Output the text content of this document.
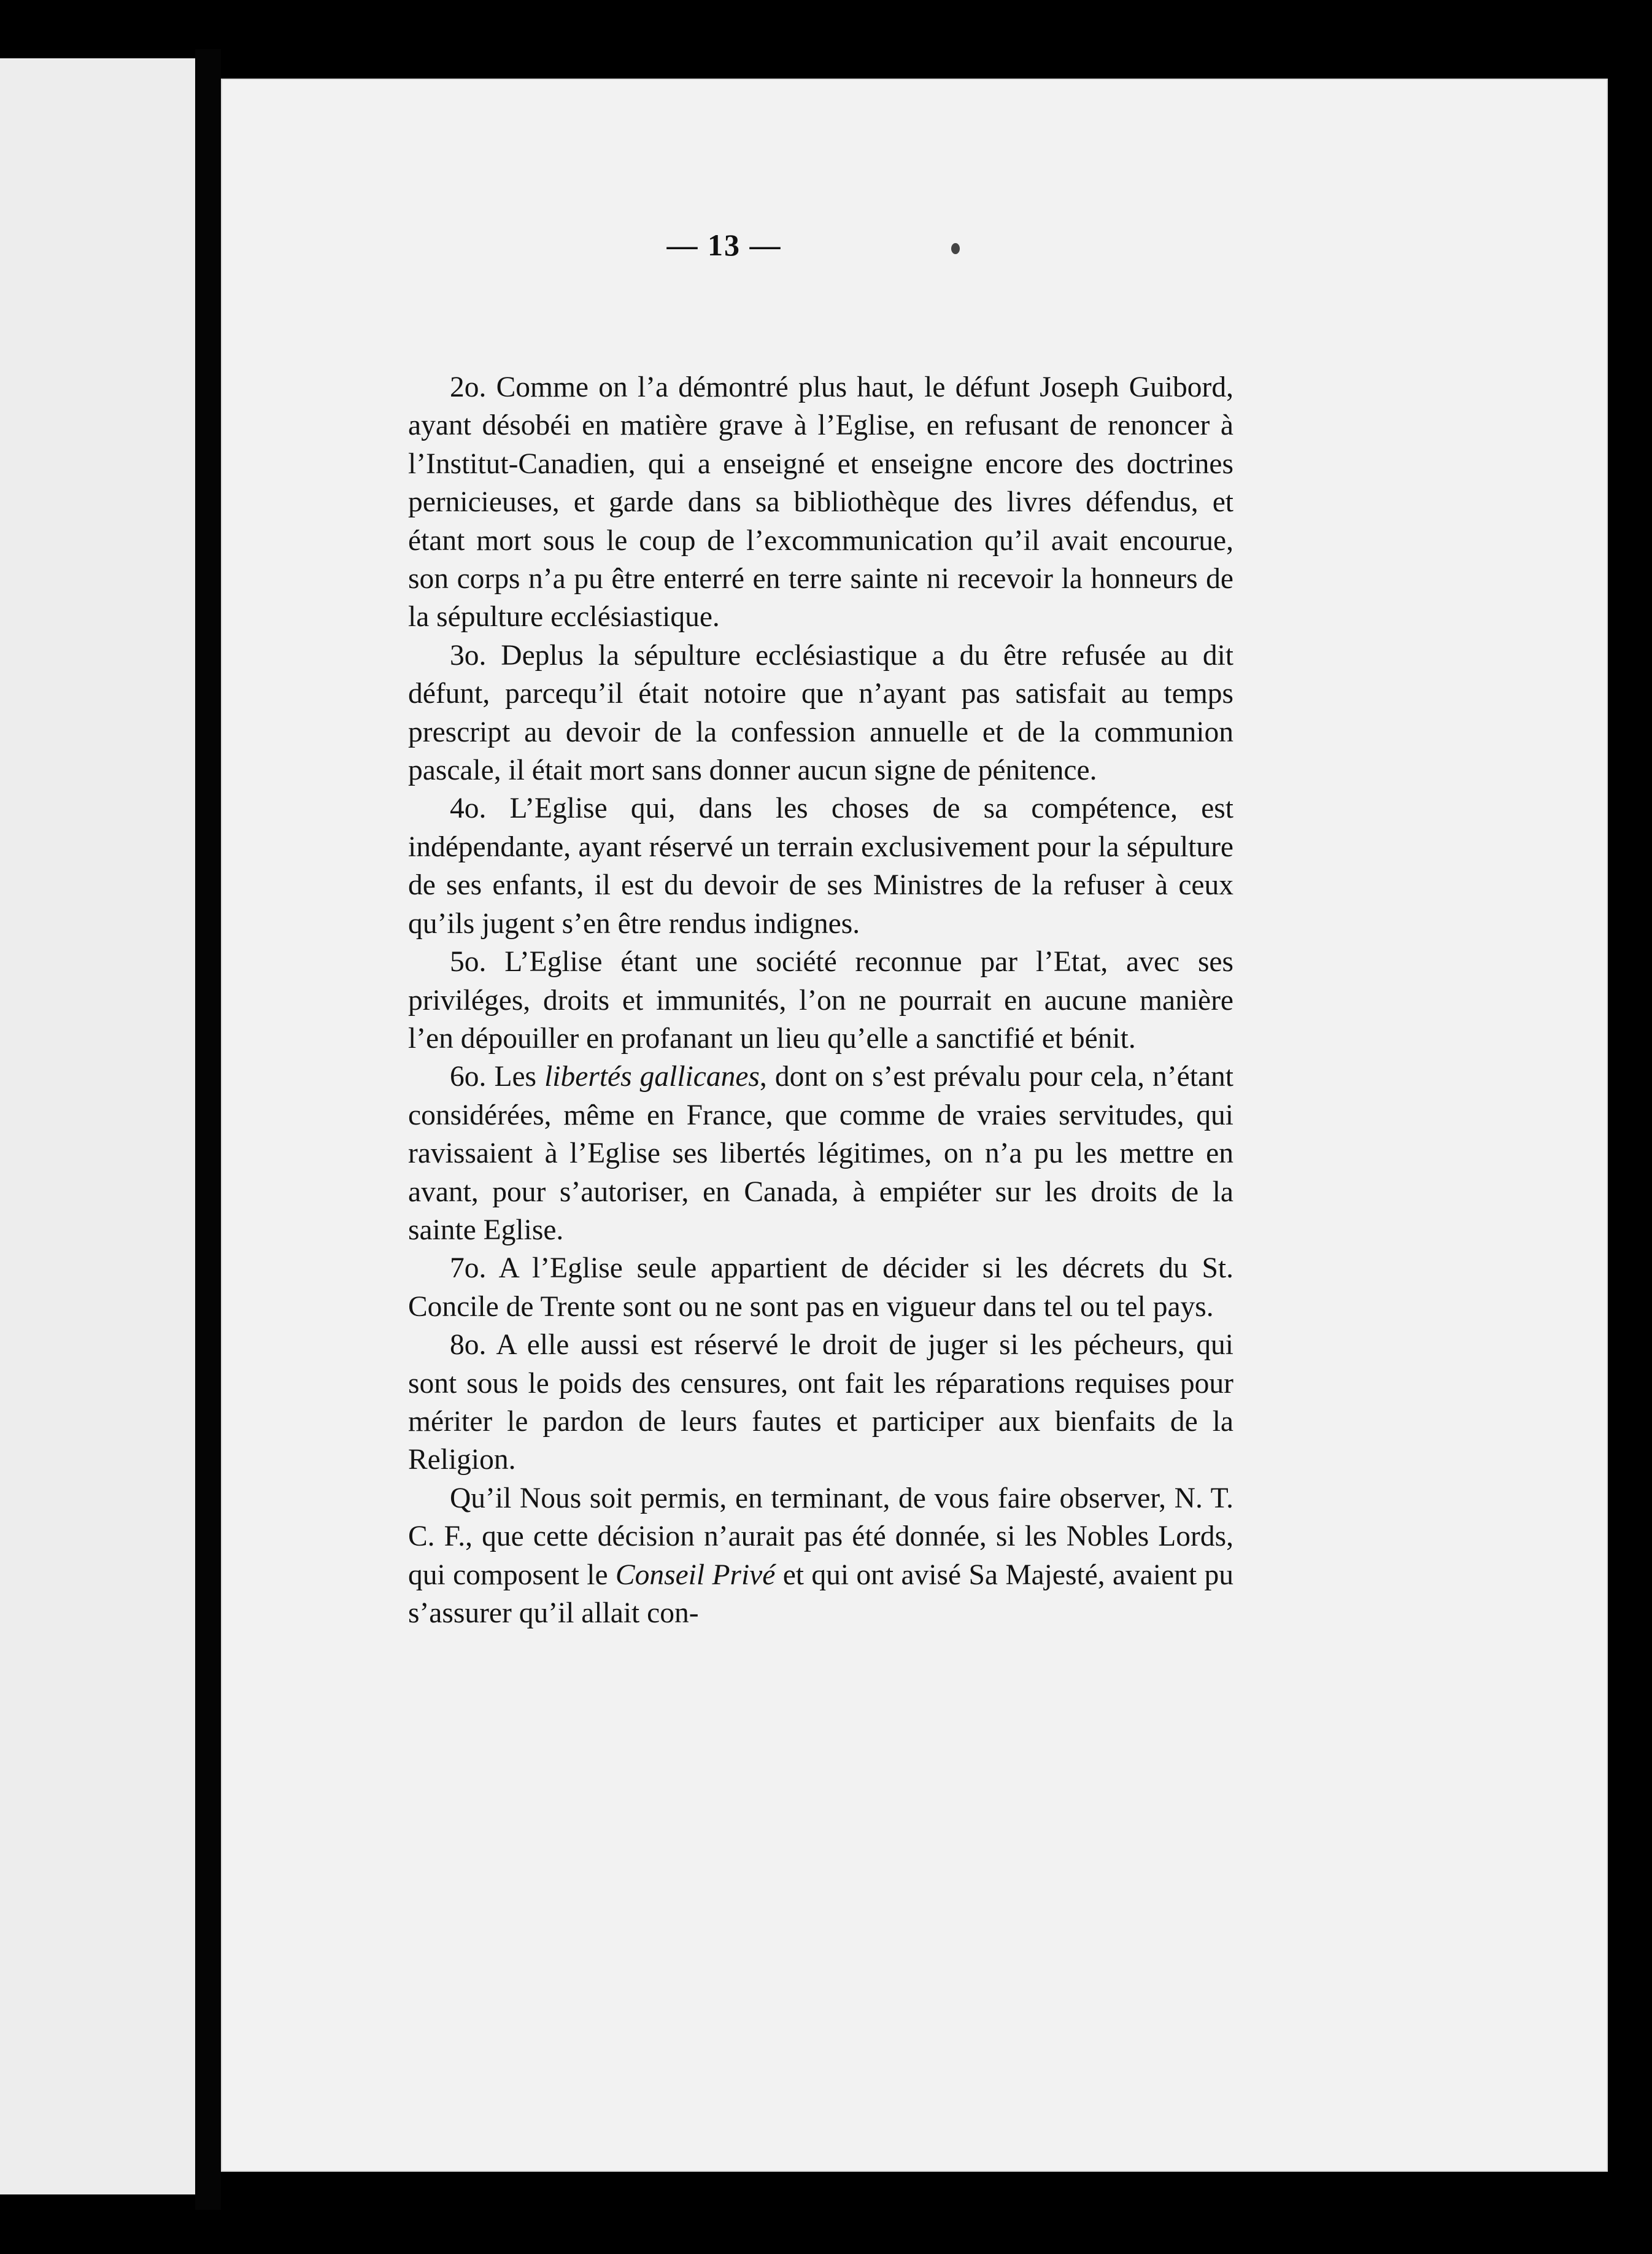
— 13 —

2o. Comme on l’a démontré plus haut, le défunt Joseph Guibord, ayant désobéi en matière grave à l’Eglise, en refusant de renoncer à l’Institut-Canadien, qui a enseigné et enseigne encore des doctrines pernicieuses, et garde dans sa bibliothèque des livres défendus, et étant mort sous le coup de l’excommunication qu’il avait encourue, son corps n’a pu être enterré en terre sainte ni recevoir la honneurs de la sépulture ecclésiastique.

3o. Deplus la sépulture ecclésiastique a du être refusée au dit défunt, parcequ’il était notoire que n’ayant pas satisfait au temps prescript au devoir de la confession annuelle et de la communion pascale, il était mort sans donner aucun signe de pénitence.

4o. L’Eglise qui, dans les choses de sa compétence, est indépendante, ayant réservé un terrain exclusivement pour la sépulture de ses enfants, il est du devoir de ses Ministres de la refuser à ceux qu’ils jugent s’en être rendus indignes.

5o. L’Eglise étant une société reconnue par l’Etat, avec ses priviléges, droits et immunités, l’on ne pourrait en aucune manière l’en dépouiller en profanant un lieu qu’elle a sanctifié et bénit.

6o. Les libertés gallicanes, dont on s’est prévalu pour cela, n’étant considérées, même en France, que comme de vraies servitudes, qui ravissaient à l’Eglise ses libertés légitimes, on n’a pu les mettre en avant, pour s’autoriser, en Canada, à empiéter sur les droits de la sainte Eglise.

7o. A l’Eglise seule appartient de décider si les décrets du St. Concile de Trente sont ou ne sont pas en vigueur dans tel ou tel pays.

8o. A elle aussi est réservé le droit de juger si les pécheurs, qui sont sous le poids des censures, ont fait les réparations requises pour mériter le pardon de leurs fautes et participer aux bienfaits de la Religion.

Qu’il Nous soit permis, en terminant, de vous faire observer, N. T. C. F., que cette décision n’aurait pas été donnée, si les Nobles Lords, qui composent le Conseil Privé et qui ont avisé Sa Majesté, avaient pu s’assurer qu’il allait con-
